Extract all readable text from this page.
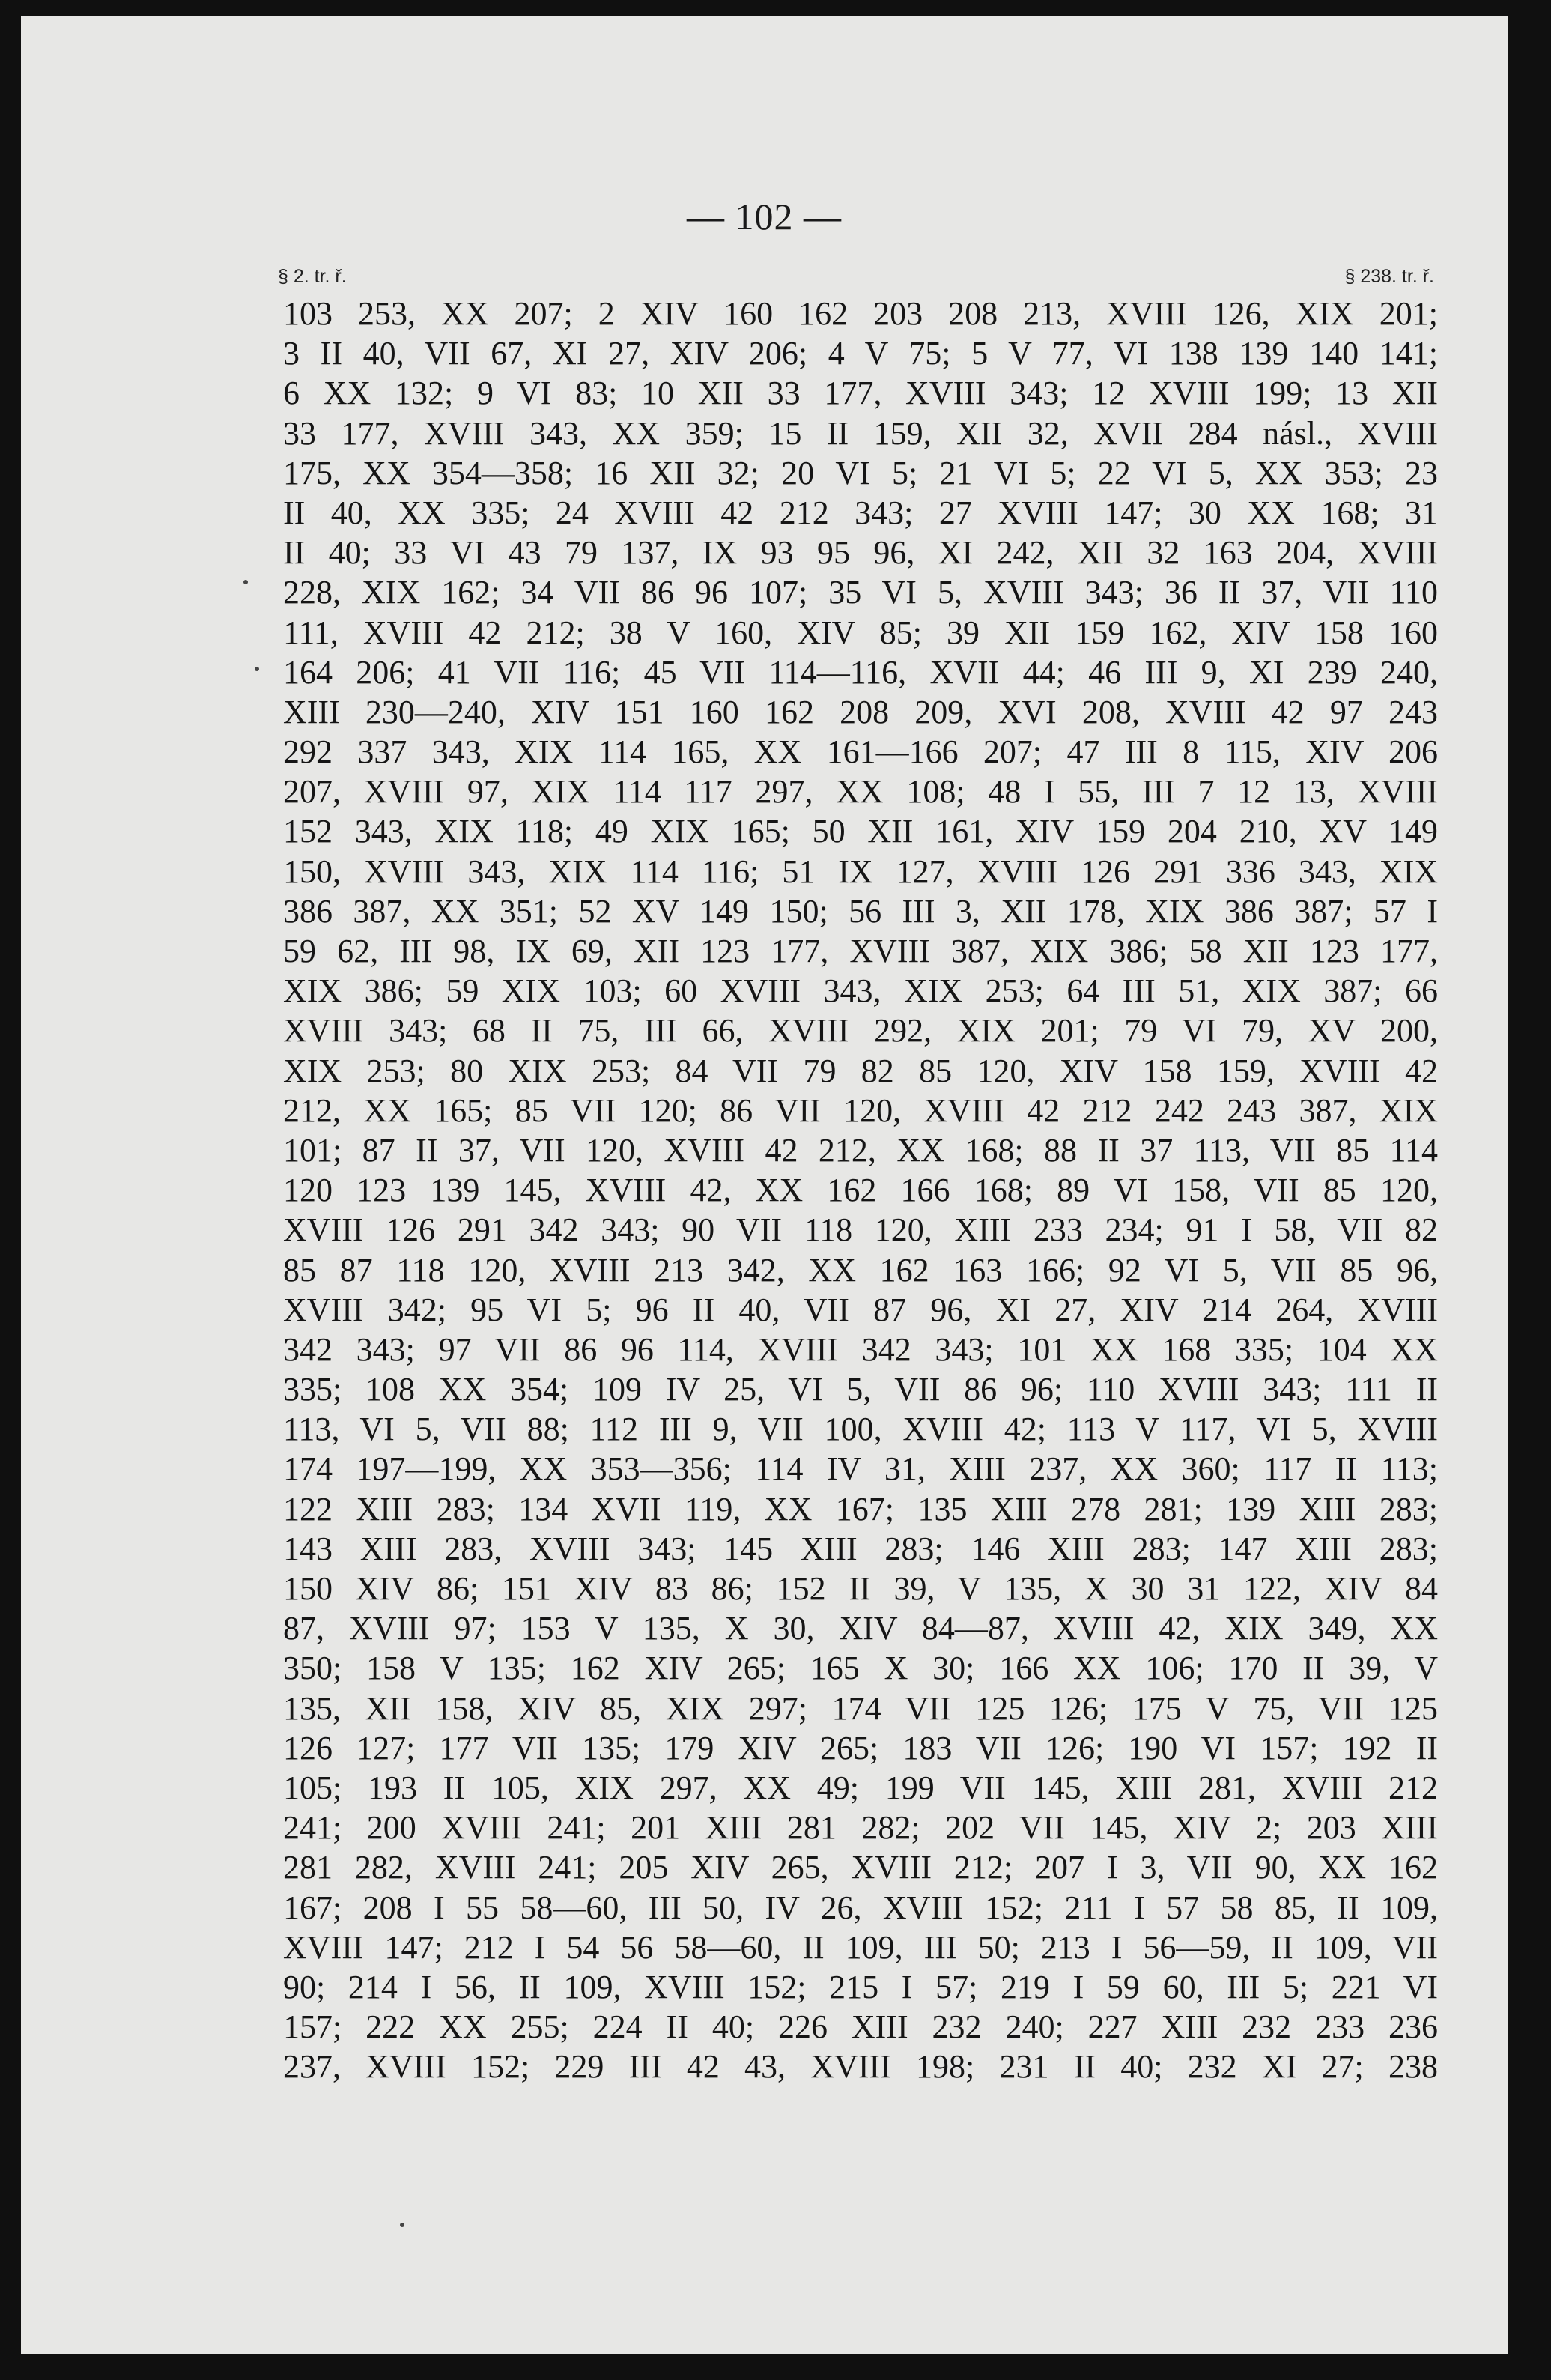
— 102 —
§ 2. tr. ř.	§ 238. tr. ř.
103 253, XX 207; 2 XIV 160 162 203 208 213, XVIII 126, XIX 201;
3 II 40, VII 67, XI 27, XIV 206; 4 V 75; 5 V 77, VI 138 139 140 141;
6 XX 132; 9 VI 83; 10 XII 33 177, XVIII 343; 12 XVIII 199; 13 XII
33 177, XVIII 343, XX 359; 15 II 159, XII 32, XVII 284 násl., XVIII
175, XX 354—358; 16 XII 32; 20 VI 5; 21 VI 5; 22 VI 5, XX 353; 23
II 40, XX 335; 24 XVIII 42 212 343; 27 XVIII 147; 30 XX 168; 31
II 40; 33 VI 43 79 137, IX 93 95 96, XI 242, XII 32 163 204, XVIII
228, XIX 162; 34 VII 86 96 107; 35 VI 5, XVIII 343; 36 II 37, VII 110
111, XVIII 42 212; 38 V 160, XIV 85; 39 XII 159 162, XIV 158 160
164 206; 41 VII 116; 45 VII 114—116, XVII 44; 46 III 9, XI 239 240,
XIII 230—240, XIV 151 160 162 208 209, XVI 208, XVIII 42 97 243
292 337 343, XIX 114 165, XX 161—166 207; 47 III 8 115, XIV 206
207, XVIII 97, XIX 114 117 297, XX 108; 48 I 55, III 7 12 13, XVIII
152 343, XIX 118; 49 XIX 165; 50 XII 161, XIV 159 204 210, XV 149
150, XVIII 343, XIX 114 116; 51 IX 127, XVIII 126 291 336 343, XIX
386 387, XX 351; 52 XV 149 150; 56 III 3, XII 178, XIX 386 387; 57 I
59 62, III 98, IX 69, XII 123 177, XVIII 387, XIX 386; 58 XII 123 177,
XIX 386; 59 XIX 103; 60 XVIII 343, XIX 253; 64 III 51, XIX 387; 66
XVIII 343; 68 II 75, III 66, XVIII 292, XIX 201; 79 VI 79, XV 200,
XIX 253; 80 XIX 253; 84 VII 79 82 85 120, XIV 158 159, XVIII 42
212, XX 165; 85 VII 120; 86 VII 120, XVIII 42 212 242 243 387, XIX
101; 87 II 37, VII 120, XVIII 42 212, XX 168; 88 II 37 113, VII 85 114
120 123 139 145, XVIII 42, XX 162 166 168; 89 VI 158, VII 85 120,
XVIII 126 291 342 343; 90 VII 118 120, XIII 233 234; 91 I 58, VII 82
85 87 118 120, XVIII 213 342, XX 162 163 166; 92 VI 5, VII 85 96,
XVIII 342; 95 VI 5; 96 II 40, VII 87 96, XI 27, XIV 214 264, XVIII
342 343; 97 VII 86 96 114, XVIII 342 343; 101 XX 168 335; 104 XX
335; 108 XX 354; 109 IV 25, VI 5, VII 86 96; 110 XVIII 343; 111 II
113, VI 5, VII 88; 112 III 9, VII 100, XVIII 42; 113 V 117, VI 5, XVIII
174 197—199, XX 353—356; 114 IV 31, XIII 237, XX 360; 117 II 113;
122 XIII 283; 134 XVII 119, XX 167; 135 XIII 278 281; 139 XIII 283;
143 XIII 283, XVIII 343; 145 XIII 283; 146 XIII 283; 147 XIII 283;
150 XIV 86; 151 XIV 83 86; 152 II 39, V 135, X 30 31 122, XIV 84
87, XVIII 97; 153 V 135, X 30, XIV 84—87, XVIII 42, XIX 349, XX
350; 158 V 135; 162 XIV 265; 165 X 30; 166 XX 106; 170 II 39, V
135, XII 158, XIV 85, XIX 297; 174 VII 125 126; 175 V 75, VII 125
126 127; 177 VII 135; 179 XIV 265; 183 VII 126; 190 VI 157; 192 II
105; 193 II 105, XIX 297, XX 49; 199 VII 145, XIII 281, XVIII 212
241; 200 XVIII 241; 201 XIII 281 282; 202 VII 145, XIV 2; 203 XIII
281 282, XVIII 241; 205 XIV 265, XVIII 212; 207 I 3, VII 90, XX 162
167; 208 I 55 58—60, III 50, IV 26, XVIII 152; 211 I 57 58 85, II 109,
XVIII 147; 212 I 54 56 58—60, II 109, III 50; 213 I 56—59, II 109, VII
90; 214 I 56, II 109, XVIII 152; 215 I 57; 219 I 59 60, III 5; 221 VI
157; 222 XX 255; 224 II 40; 226 XIII 232 240; 227 XIII 232 233 236
237, XVIII 152; 229 III 42 43, XVIII 198; 231 II 40; 232 XI 27; 238
